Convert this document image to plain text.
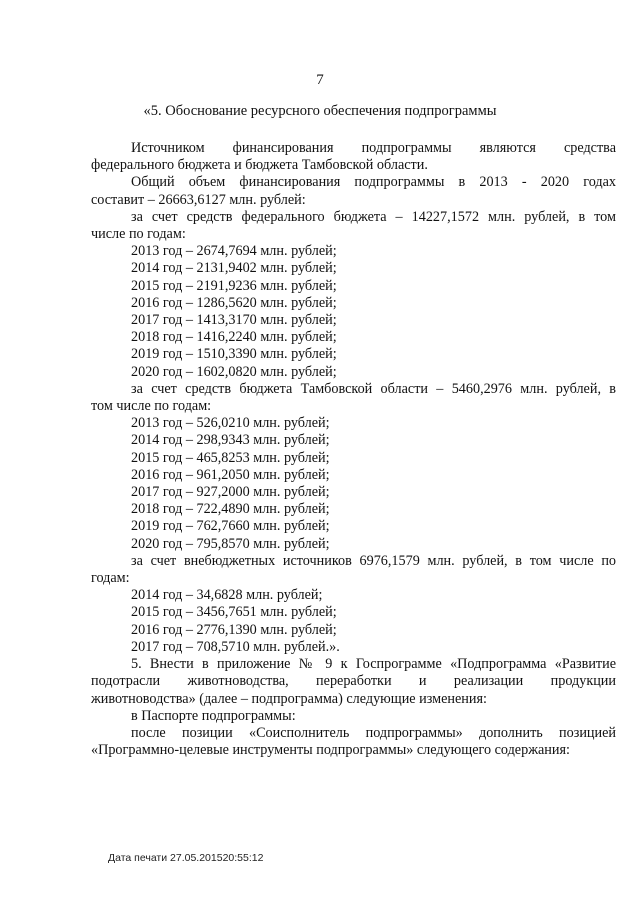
7
«5. Обоснование ресурсного обеспечения подпрограммы

Источником финансирования подпрограммы являются средства

федерального бюджета и бюджета Тамбовской области.

Общий объем финансирования подпрограммы в 2013 - 2020 годах

составит – 26663,6127 млн. рублей:

за счет средств федерального бюджета – 14227,1572 млн. рублей, в том

числе по годам:

2013 год – 2674,7694 млн. рублей;

2014 год – 2131,9402 млн. рублей;

2015 год – 2191,9236 млн. рублей;

2016 год – 1286,5620 млн. рублей;

2017 год – 1413,3170 млн. рублей;

2018 год – 1416,2240 млн. рублей;

2019 год – 1510,3390 млн. рублей;

2020 год – 1602,0820 млн. рублей;

за счет средств бюджета Тамбовской области – 5460,2976 млн. рублей, в

том числе по годам:

2013 год – 526,0210 млн. рублей;

2014 год – 298,9343 млн. рублей;

2015 год – 465,8253 млн. рублей;

2016 год – 961,2050 млн. рублей;

2017 год – 927,2000 млн. рублей;

2018 год – 722,4890 млн. рублей;

2019 год – 762,7660 млн. рублей;

2020 год – 795,8570 млн. рублей;

за счет внебюджетных источников 6976,1579 млн. рублей, в том числе по

годам:

2014 год – 34,6828 млн. рублей;

2015 год – 3456,7651 млн. рублей;

2016 год – 2776,1390 млн. рублей;

2017 год – 708,5710 млн. рублей.».

5. Внести в приложение № 9 к Госпрограмме «Подпрограмма «Развитие

подотрасли животноводства, переработки и реализации продукции

животноводства» (далее – подпрограмма) следующие изменения:

в Паспорте подпрограммы:

после позиции «Соисполнитель подпрограммы» дополнить позицией

«Программно-целевые инструменты подпрограммы» следующего содержания:

Дата печати 27.05.201520:55:12
